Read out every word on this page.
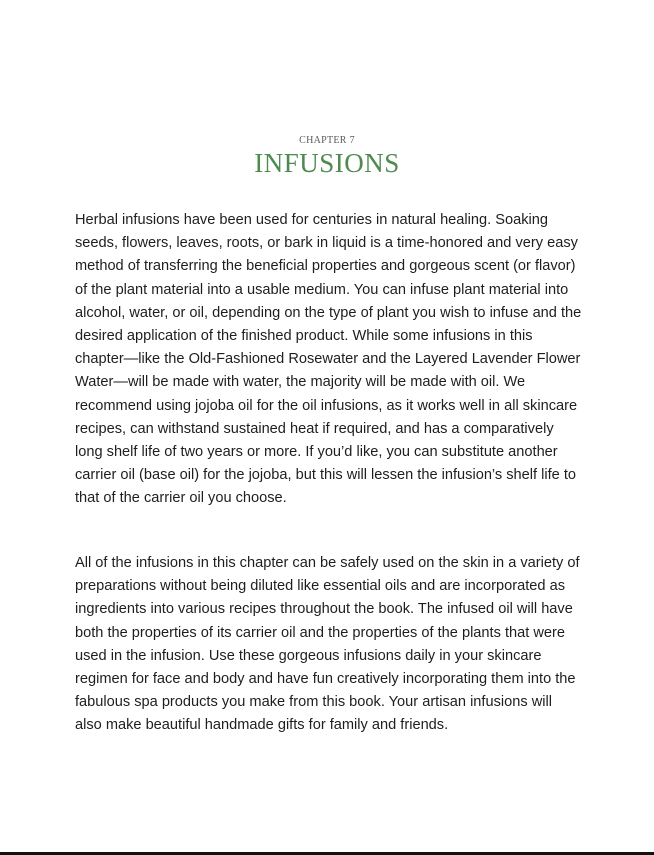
CHAPTER 7
INFUSIONS

Herbal infusions have been used for centuries in natural healing. Soaking seeds, flowers, leaves, roots, or bark in liquid is a time-honored and very easy method of transferring the beneficial properties and gorgeous scent (or flavor) of the plant material into a usable medium. You can infuse plant material into alcohol, water, or oil, depending on the type of plant you wish to infuse and the desired application of the finished product. While some infusions in this chapter—like the Old-Fashioned Rosewater and the Layered Lavender Flower Water—will be made with water, the majority will be made with oil. We recommend using jojoba oil for the oil infusions, as it works well in all skincare recipes, can withstand sustained heat if required, and has a comparatively long shelf life of two years or more. If you’d like, you can substitute another carrier oil (base oil) for the jojoba, but this will lessen the infusion’s shelf life to that of the carrier oil you choose.

All of the infusions in this chapter can be safely used on the skin in a variety of preparations without being diluted like essential oils and are incorporated as ingredients into various recipes throughout the book. The infused oil will have both the properties of its carrier oil and the properties of the plants that were used in the infusion. Use these gorgeous infusions daily in your skincare regimen for face and body and have fun creatively incorporating them into the fabulous spa products you make from this book. Your artisan infusions will also make beautiful handmade gifts for family and friends.
